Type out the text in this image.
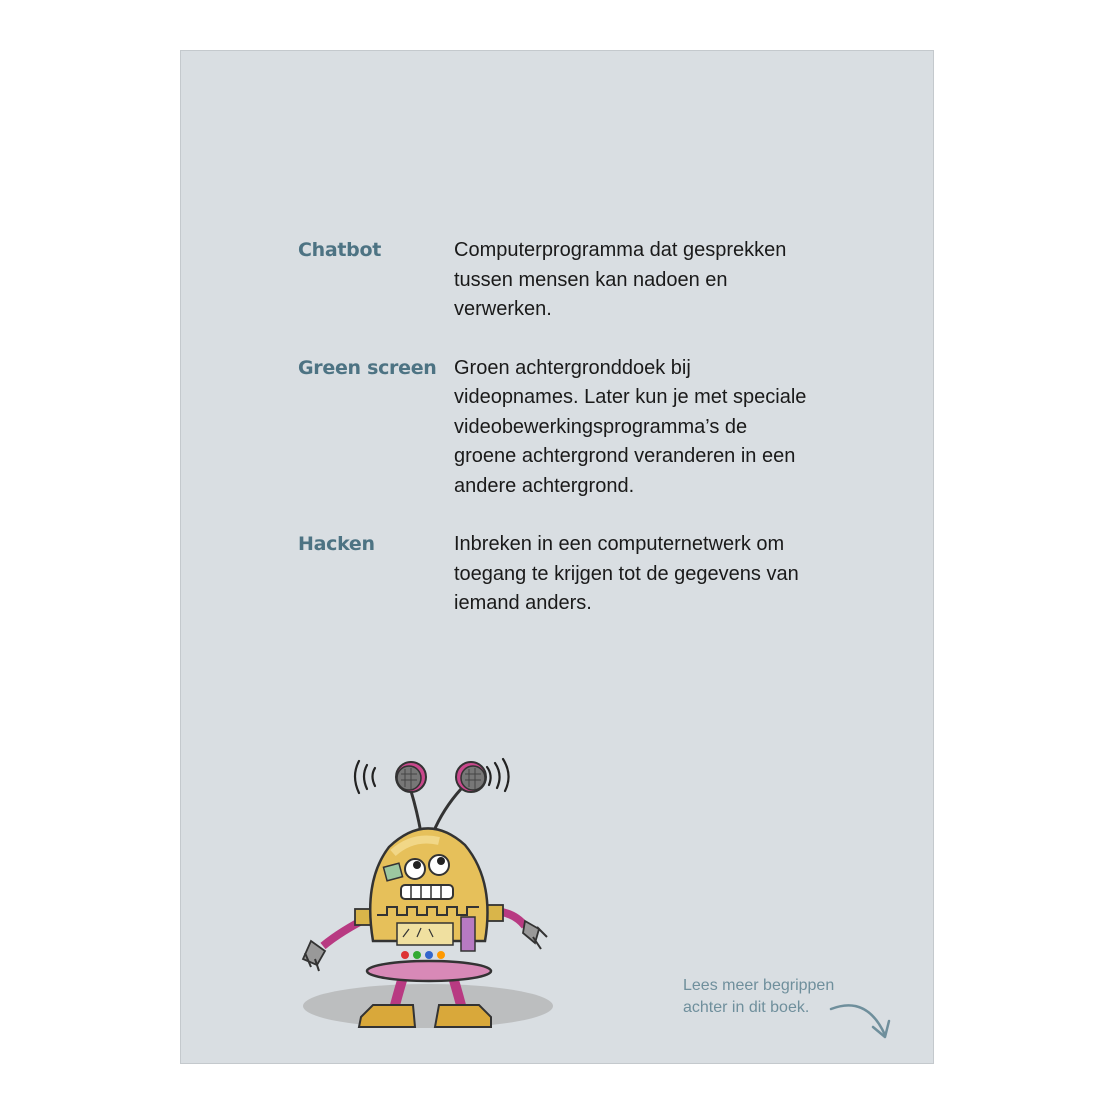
Chatbot	Computerprogramma dat gesprekken tussen mensen kan nadoen en verwerken.
Green screen Groen achtergronddoek bij videopnames. Later kun je met speciale videobewerkingsprogramma’s de groene achtergrond veranderen in een andere achtergrond.
Hacken	Inbreken in een computernetwerk om toegang te krijgen tot de gegevens van iemand anders.
Lees meer begrippen
achter in dit boek.
